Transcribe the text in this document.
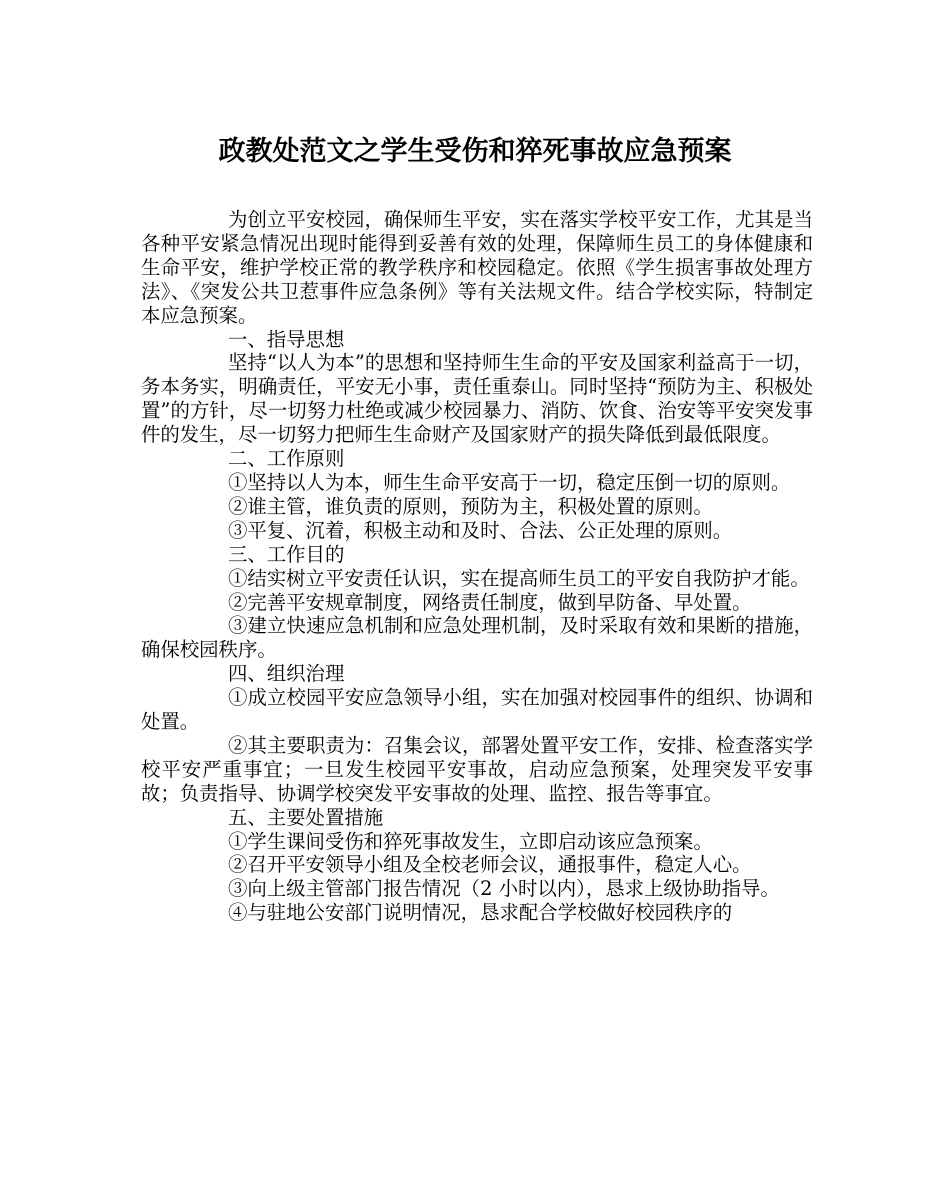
政教处范文之学生受伤和猝死事故应急预案

为创立平安校园，确保师生平安，实在落实学校平安工作，尤其是当各种平安紧急情况出现时能得到妥善有效的处理，保障师生员工的身体健康和生命平安，维护学校正常的教学秩序和校园稳定。依照《学生损害事故处理方法》、《突发公共卫惹事件应急条例》等有关法规文件。结合学校实际，特制定本应急预案。

一、指导思想

坚持“以人为本”的思想和坚持师生生命的平安及国家利益高于一切，务本务实，明确责任，平安无小事，责任重泰山。同时坚持“预防为主、积极处置”的方针，尽一切努力杜绝或减少校园暴力、消防、饮食、治安等平安突发事件的发生，尽一切努力把师生生命财产及国家财产的损失降低到最低限度。

二、工作原则

①坚持以人为本，师生生命平安高于一切，稳定压倒一切的原则。

②谁主管，谁负责的原则，预防为主，积极处置的原则。

③平复、沉着，积极主动和及时、合法、公正处理的原则。

三、工作目的

①结实树立平安责任认识，实在提高师生员工的平安自我防护才能。

②完善平安规章制度，网络责任制度，做到早防备、早处置。

③建立快速应急机制和应急处理机制，及时采取有效和果断的措施，确保校园秩序。

四、组织治理

①成立校园平安应急领导小组，实在加强对校园事件的组织、协调和处置。

②其主要职责为：召集会议，部署处置平安工作，安排、检查落实学校平安严重事宜；一旦发生校园平安事故，启动应急预案，处理突发平安事故；负责指导、协调学校突发平安事故的处理、监控、报告等事宜。

五、主要处置措施

①学生课间受伤和猝死事故发生，立即启动该应急预案。

②召开平安领导小组及全校老师会议，通报事件，稳定人心。

③向上级主管部门报告情况（2 小时以内），恳求上级协助指导。

④与驻地公安部门说明情况，恳求配合学校做好校园秩序的
